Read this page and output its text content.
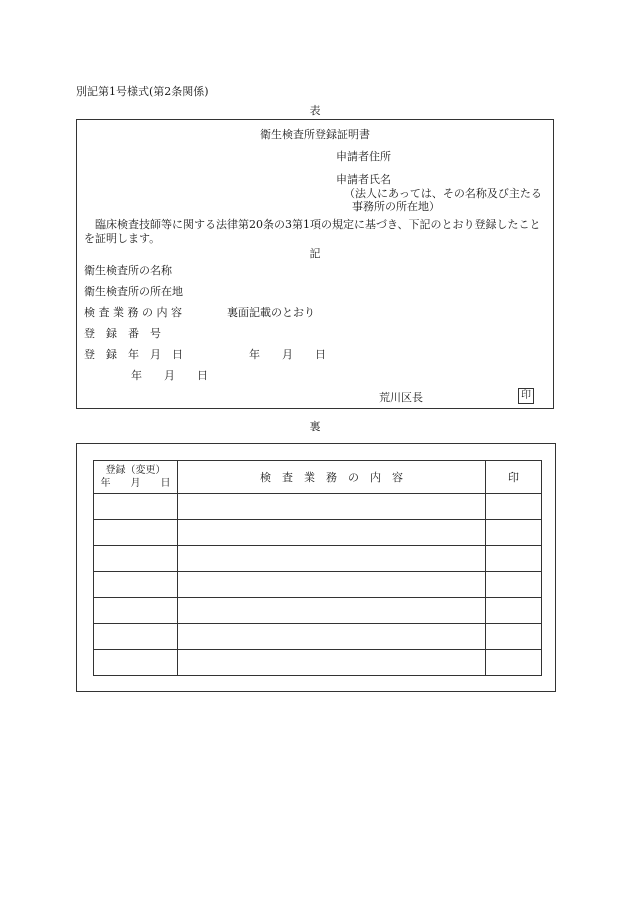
別記第1号様式(第2条関係)
表
衛生検査所登録証明書
申請者住所
申請者氏名
（法人にあっては、その名称及び主たる
事務所の所在地）
臨床検査技師等に関する法律第20条の3第1項の規定に基づき、下記のとおり登録したことを証明します。
記
衛生検査所の名称
衛生検査所の所在地
検 査 業 務 の 内 容	裏面記載のとおり
登　録　番　号
登　録　年　月　日	年　　月　　日
年　　月　　日
荒川区長	印
裏
登録（変更）
年　　月　　日	検　査　業　務　の　内　容	印
